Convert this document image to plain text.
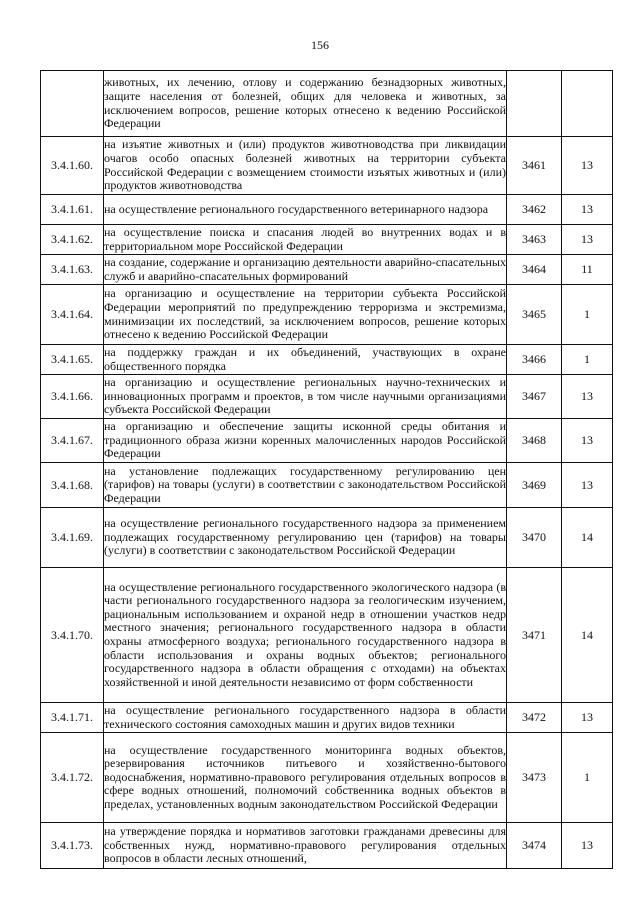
156

	животных, их лечению, отлову и содержанию безнадзорных животных, защите населения от болезней, общих для человека и животных, за исключением вопросов, решение которых отнесено к ведению Российской Федерации		

3.4.1.60.	на изъятие животных и (или) продуктов животноводства при ликвидации очагов особо опасных болезней животных на территории субъекта Российской Федерации с возмещением стоимости изъятых животных и (или) продуктов животноводства	3461	13
3.4.1.61.	на осуществление регионального государственного ветеринарного надзора	3462	13
3.4.1.62.	на осуществление поиска и спасания людей во внутренних водах и в территориальном море Российской Федерации	3463	13
3.4.1.63.	на создание, содержание и организацию деятельности аварийно-спасательных служб и аварийно-спасательных формирований	3464	11
3.4.1.64.	на организацию и осуществление на территории субъекта Российской Федерации мероприятий по предупреждению терроризма и экстремизма, минимизации их последствий, за исключением вопросов, решение которых отнесено к ведению Российской Федерации	3465	1
3.4.1.65.	на поддержку граждан и их объединений, участвующих в охране общественного порядка	3466	1
3.4.1.66.	на организацию и осуществление региональных научно-технических и инновационных программ и проектов, в том числе научными организациями субъекта Российской Федерации	3467	13
3.4.1.67.	на организацию и обеспечение защиты исконной среды обитания и традиционного образа жизни коренных малочисленных народов Российской Федерации	3468	13
3.4.1.68.	на установление подлежащих государственному регулированию цен (тарифов) на товары (услуги) в соответствии с законодательством Российской Федерации	3469	13
3.4.1.69.	на осуществление регионального государственного надзора за применением подлежащих государственному регулированию цен (тарифов) на товары (услуги) в соответствии с законодательством Российской Федерации	3470	14
3.4.1.70.	на осуществление регионального государственного экологического надзора (в части регионального государственного надзора за геологическим изучением, рациональным использованием и охраной недр в отношении участков недр местного значения; регионального государственного надзора в области охраны атмосферного воздуха; регионального государственного надзора в области использования и охраны водных объектов; регионального государственного надзора в области обращения с отходами) на объектах хозяйственной и иной деятельности независимо от форм собственности	3471	14
3.4.1.71.	на осуществление регионального государственного надзора в области технического состояния самоходных машин и других видов техники	3472	13
3.4.1.72.	на осуществление государственного мониторинга водных объектов, резервирования источников питьевого и хозяйственно-бытового водоснабжения, нормативно-правового регулирования отдельных вопросов в сфере водных отношений, полномочий собственника водных объектов в пределах, установленных водным законодательством Российской Федерации	3473	1
3.4.1.73.	на утверждение порядка и нормативов заготовки гражданами древесины для собственных нужд, нормативно-правового регулирования отдельных вопросов в области лесных отношений,	3474	13
